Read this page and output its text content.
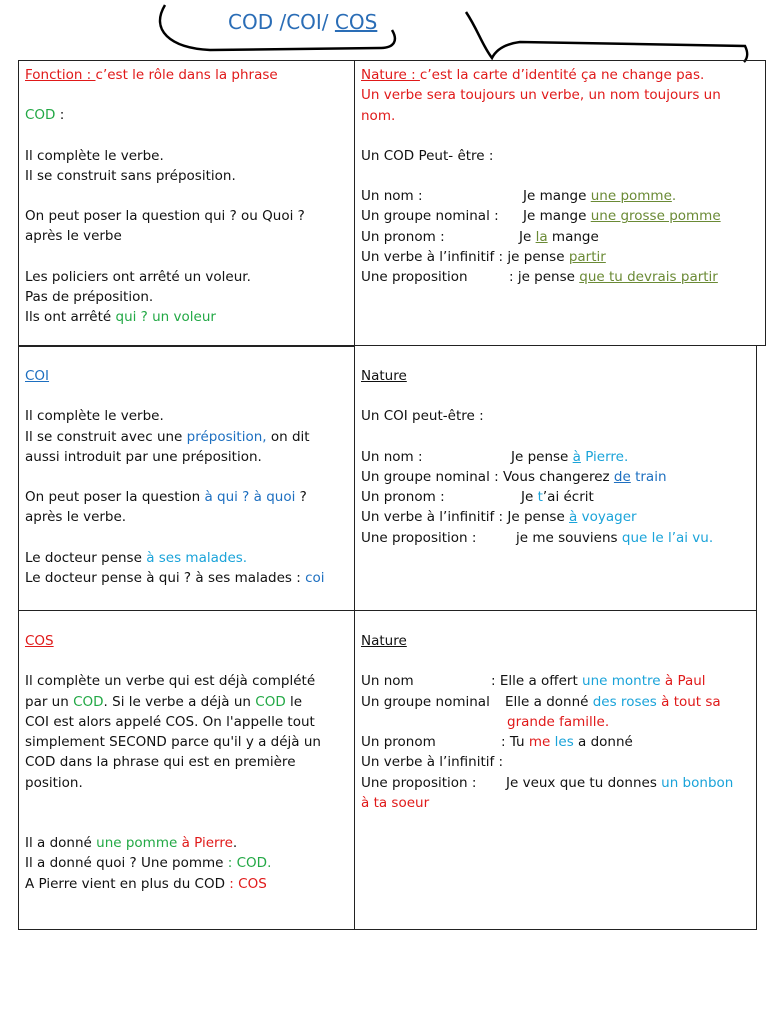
COD /COI/ COS
Fonction : c’est le rôle dans la phrase
COD :
Il complète le verbe.
Il se construit sans préposition.
On peut poser la question qui ? ou Quoi ?
après le verbe
Les policiers ont arrêté un voleur.
Pas de préposition.
Ils ont arrêté qui ? un voleur
Nature : c’est la carte d’identité ça ne change pas.
Un verbe sera toujours un verbe, un nom toujours un
nom.
Un COD Peut- être :
Un nom :	Je mange une pomme.
Un groupe nominal : Je mange une grosse pomme
Un pronom :	Je la mange
Un verbe à l’infinitif : je pense partir
Une proposition	: je pense que tu devrais partir
COI
Il complète le verbe.
Il se construit avec une préposition, on dit
aussi introduit par une préposition.
On peut poser la question à qui ? à quoi ?
après le verbe.
Le docteur pense à ses malades.
Le docteur pense à qui ? à ses malades : coi
Nature
Un COI peut-être :
Un nom :	Je pense à Pierre.
Un groupe nominal : Vous changerez de train
Un pronom :	Je t’ai écrit
Un verbe à l’infinitif : Je pense à voyager
Une proposition :	je me souviens que le l’ai vu.
COS
Il complète un verbe qui est déjà complété
par un COD. Si le verbe a déjà un COD le
COI est alors appelé COS. On l'appelle tout
simplement SECOND parce qu'il y a déjà un
COD dans la phrase qui est en première
position.
Il a donné une pomme à Pierre.
Il a donné quoi ? Une pomme : COD.
A Pierre vient en plus du COD : COS
Nature
Un nom	: Elle a offert une montre à Paul
Un groupe nominal Elle a donné des roses à tout sa
grande famille.
Un pronom	: Tu me les a donné
Un verbe à l’infinitif :
Une proposition : Je veux que tu donnes un bonbon
à ta soeur
